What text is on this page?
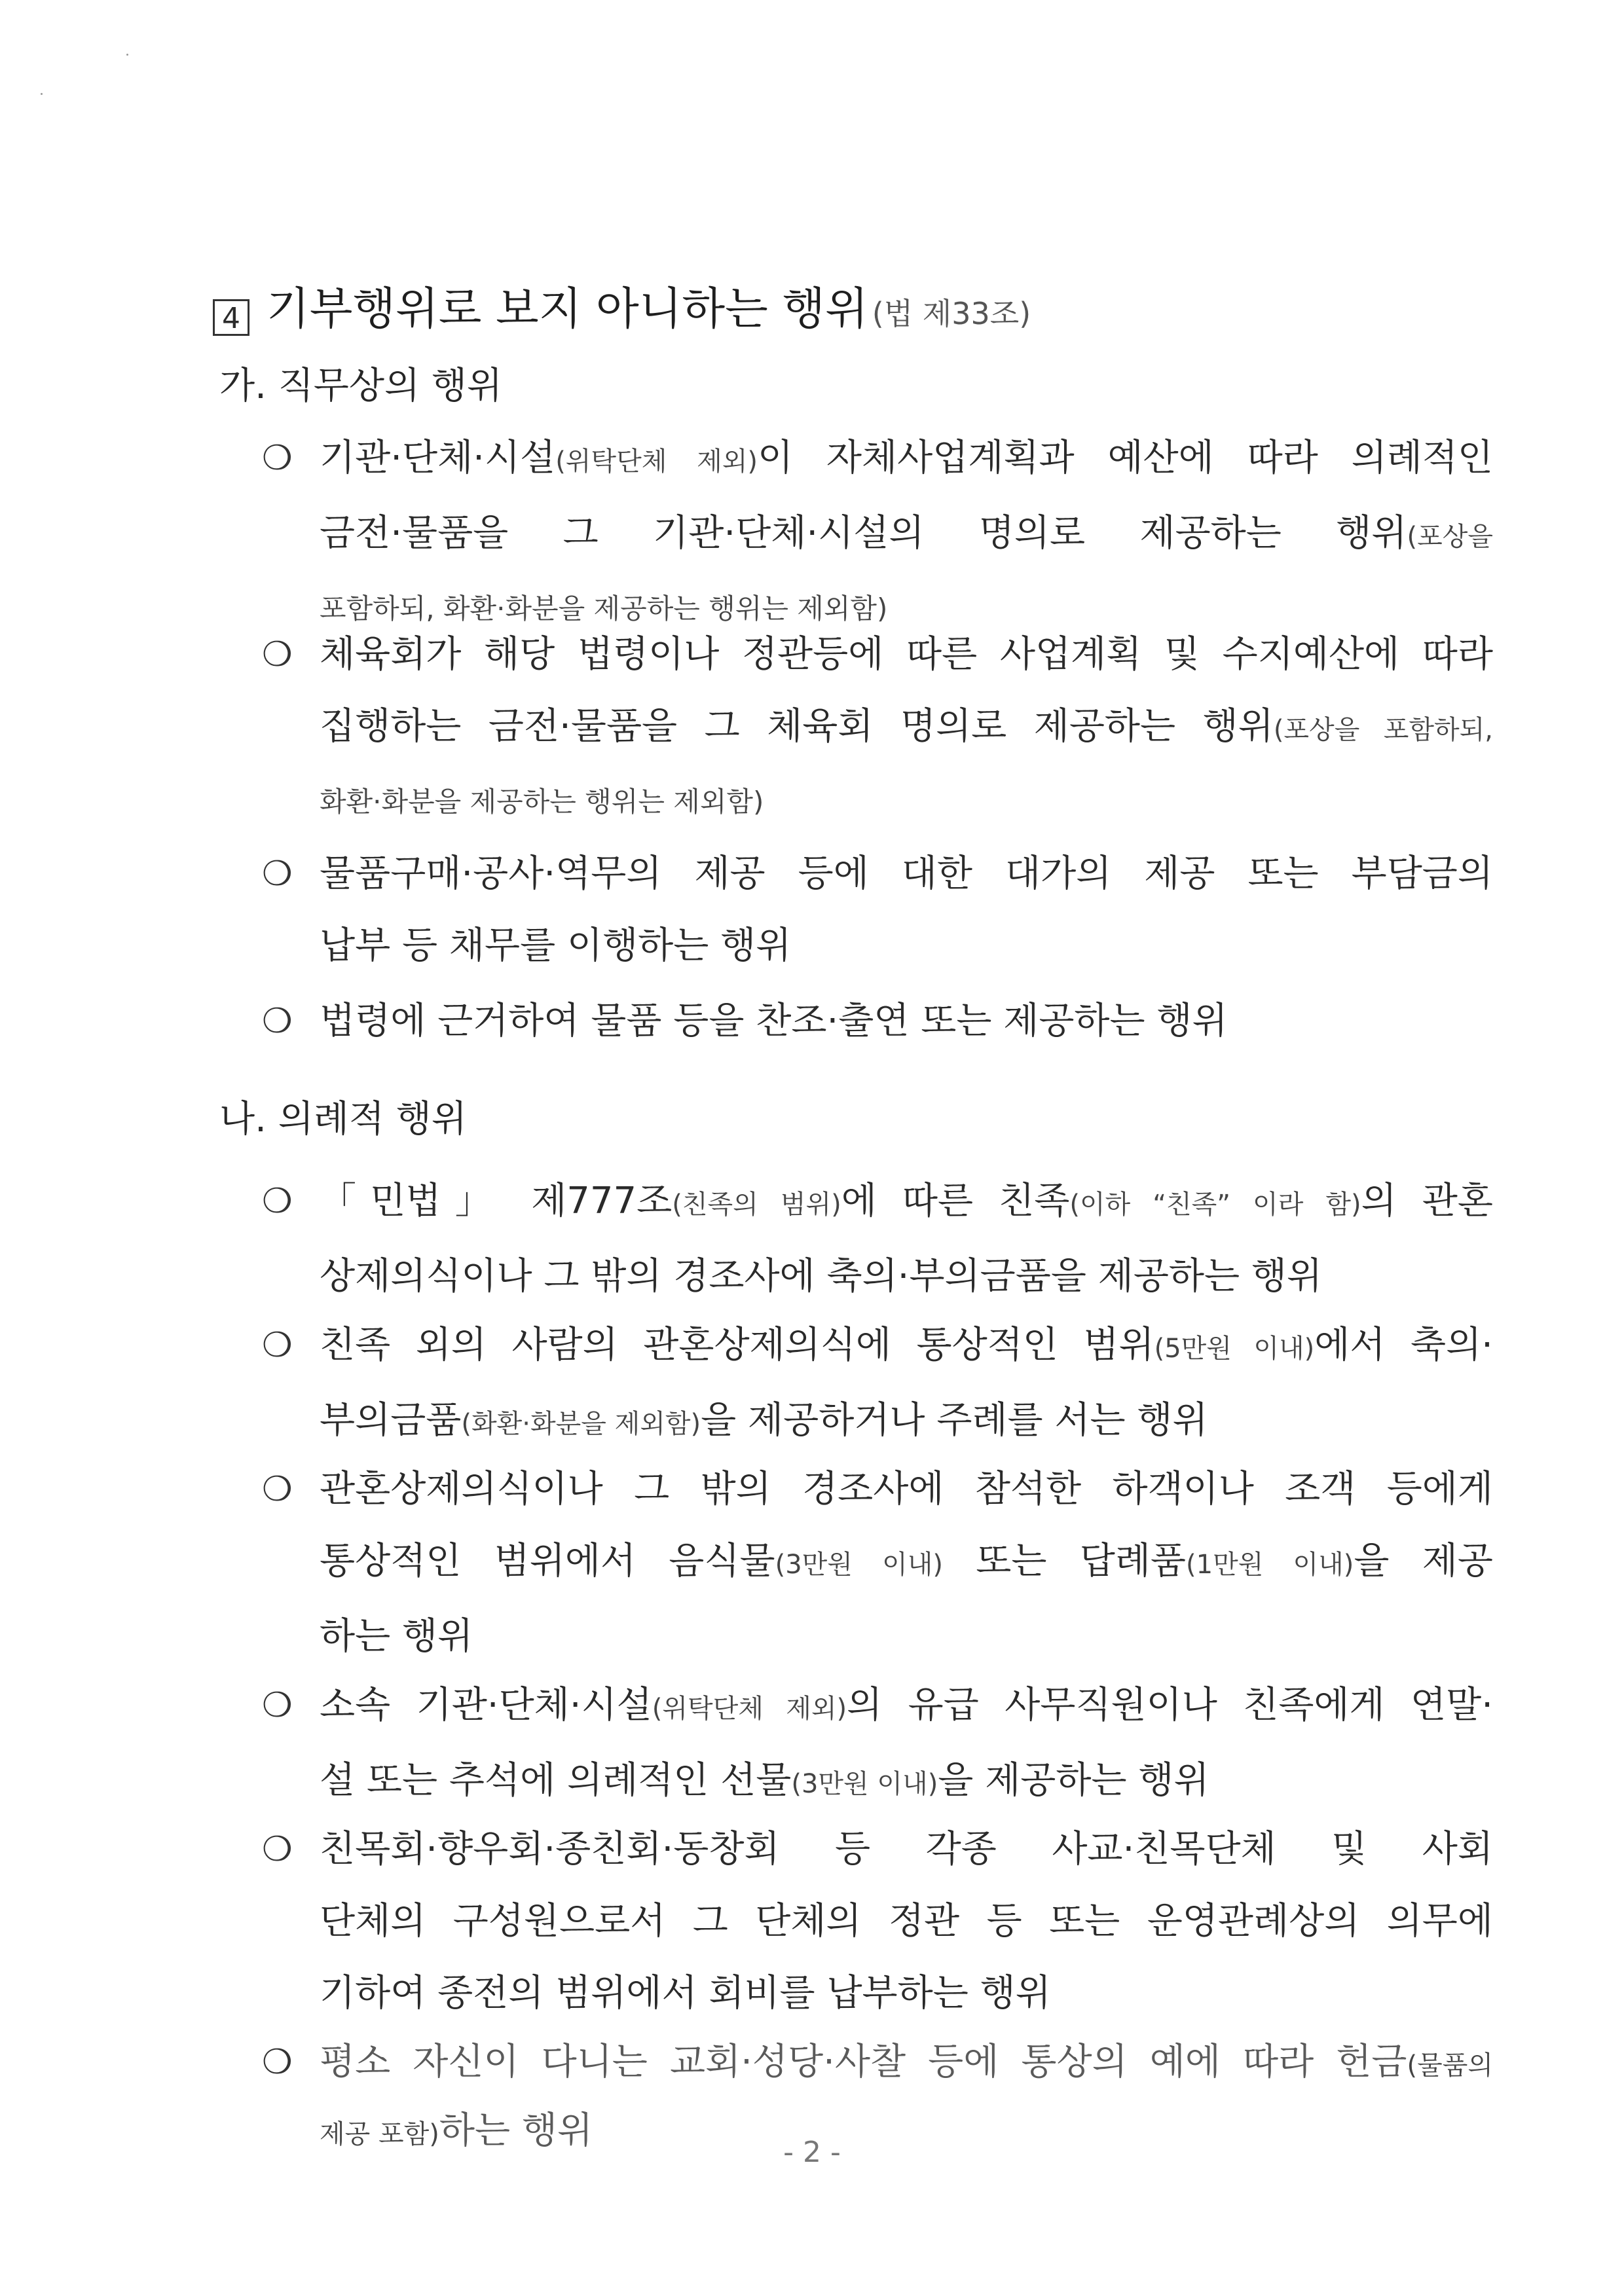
4 기부행위로 보지 아니하는 행위 (법 제33조)
가. 직무상의 행위
❍ 기관·단체·시설(위탁단체 제외)이 자체사업계획과 예산에 따라 의례적인
금전·물품을 그 기관·단체·시설의 명의로 제공하는 행위(포상을
포함하되, 화환·화분을 제공하는 행위는 제외함)
❍ 체육회가 해당 법령이나 정관등에 따른 사업계획 및 수지예산에 따라
집행하는 금전·물품을 그 체육회 명의로 제공하는 행위(포상을 포함하되,
화환·화분을 제공하는 행위는 제외함)
❍ 물품구매·공사·역무의 제공 등에 대한 대가의 제공 또는 부담금의
납부 등 채무를 이행하는 행위
❍ 법령에 근거하여 물품 등을 찬조·출연 또는 제공하는 행위
나. 의례적 행위
❍ 「민법」 제777조(친족의 범위)에 따른 친족(이하 “친족” 이라 함)의 관혼
상제의식이나 그 밖의 경조사에 축의·부의금품을 제공하는 행위
❍ 친족 외의 사람의 관혼상제의식에 통상적인 범위(5만원 이내)에서 축의·
부의금품(화환·화분을 제외함)을 제공하거나 주례를 서는 행위
❍ 관혼상제의식이나 그 밖의 경조사에 참석한 하객이나 조객 등에게
통상적인 범위에서 음식물(3만원 이내) 또는 답례품(1만원 이내)을 제공
하는 행위
❍ 소속 기관·단체·시설(위탁단체 제외)의 유급 사무직원이나 친족에게 연말·
설 또는 추석에 의례적인 선물(3만원 이내)을 제공하는 행위
❍ 친목회·향우회·종친회·동창회 등 각종 사교·친목단체 및 사회
단체의 구성원으로서 그 단체의 정관 등 또는 운영관례상의 의무에
기하여 종전의 범위에서 회비를 납부하는 행위
❍ 평소 자신이 다니는 교회·성당·사찰 등에 통상의 예에 따라 헌금(물품의
제공 포함)하는 행위
- 2 -
